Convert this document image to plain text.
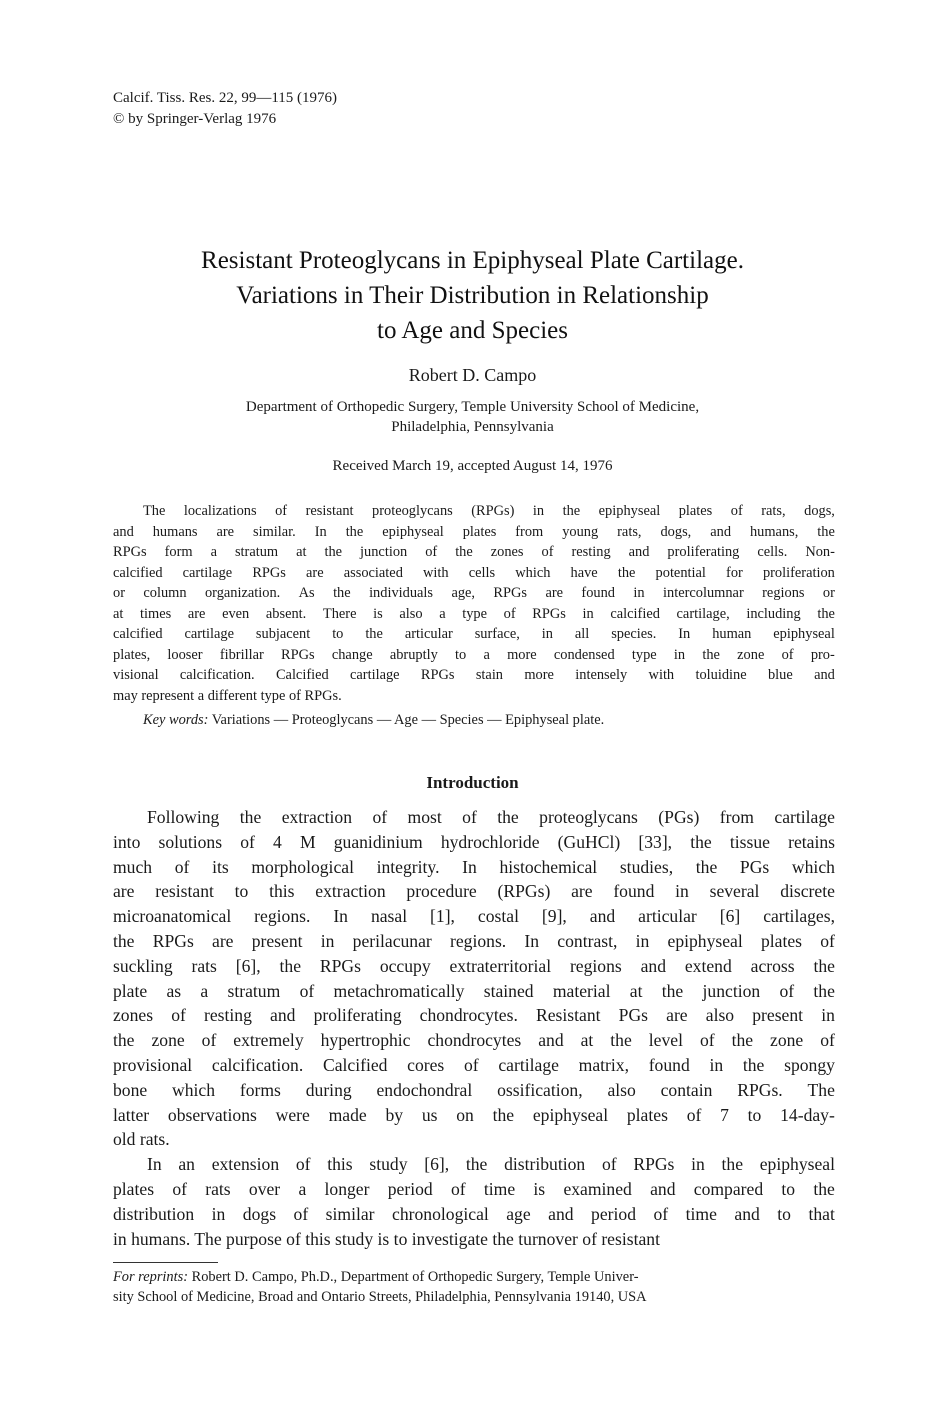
Calcif. Tiss. Res. 22, 99—115 (1976)
© by Springer-Verlag 1976
Resistant Proteoglycans in Epiphyseal Plate Cartilage.
Variations in Their Distribution in Relationship
to Age and Species
Robert D. Campo
Department of Orthopedic Surgery, Temple University School of Medicine,
Philadelphia, Pennsylvania
Received March 19, accepted August 14, 1976
The localizations of resistant proteoglycans (RPGs) in the epiphyseal plates of rats, dogs,
and humans are similar. In the epiphyseal plates from young rats, dogs, and humans, the
RPGs form a stratum at the junction of the zones of resting and proliferating cells. Non-
calcified cartilage RPGs are associated with cells which have the potential for proliferation
or column organization. As the individuals age, RPGs are found in intercolumnar regions or
at times are even absent. There is also a type of RPGs in calcified cartilage, including the
calcified cartilage subjacent to the articular surface, in all species. In human epiphyseal
plates, looser fibrillar RPGs change abruptly to a more condensed type in the zone of pro-
visional calcification. Calcified cartilage RPGs stain more intensely with toluidine blue and
may represent a different type of RPGs.
Key words: Variations — Proteoglycans — Age — Species — Epiphyseal plate.
Introduction
Following the extraction of most of the proteoglycans (PGs) from cartilage
into solutions of 4 M guanidinium hydrochloride (GuHCl) [33], the tissue retains
much of its morphological integrity. In histochemical studies, the PGs which
are resistant to this extraction procedure (RPGs) are found in several discrete
microanatomical regions. In nasal [1], costal [9], and articular [6] cartilages,
the RPGs are present in perilacunar regions. In contrast, in epiphyseal plates of
suckling rats [6], the RPGs occupy extraterritorial regions and extend across the
plate as a stratum of metachromatically stained material at the junction of the
zones of resting and proliferating chondrocytes. Resistant PGs are also present in
the zone of extremely hypertrophic chondrocytes and at the level of the zone of
provisional calcification. Calcified cores of cartilage matrix, found in the spongy
bone which forms during endochondral ossification, also contain RPGs. The
latter observations were made by us on the epiphyseal plates of 7 to 14-day-
old rats.
In an extension of this study [6], the distribution of RPGs in the epiphyseal
plates of rats over a longer period of time is examined and compared to the
distribution in dogs of similar chronological age and period of time and to that
in humans. The purpose of this study is to investigate the turnover of resistant
For reprints: Robert D. Campo, Ph.D., Department of Orthopedic Surgery, Temple Univer-
sity School of Medicine, Broad and Ontario Streets, Philadelphia, Pennsylvania 19140, USA
